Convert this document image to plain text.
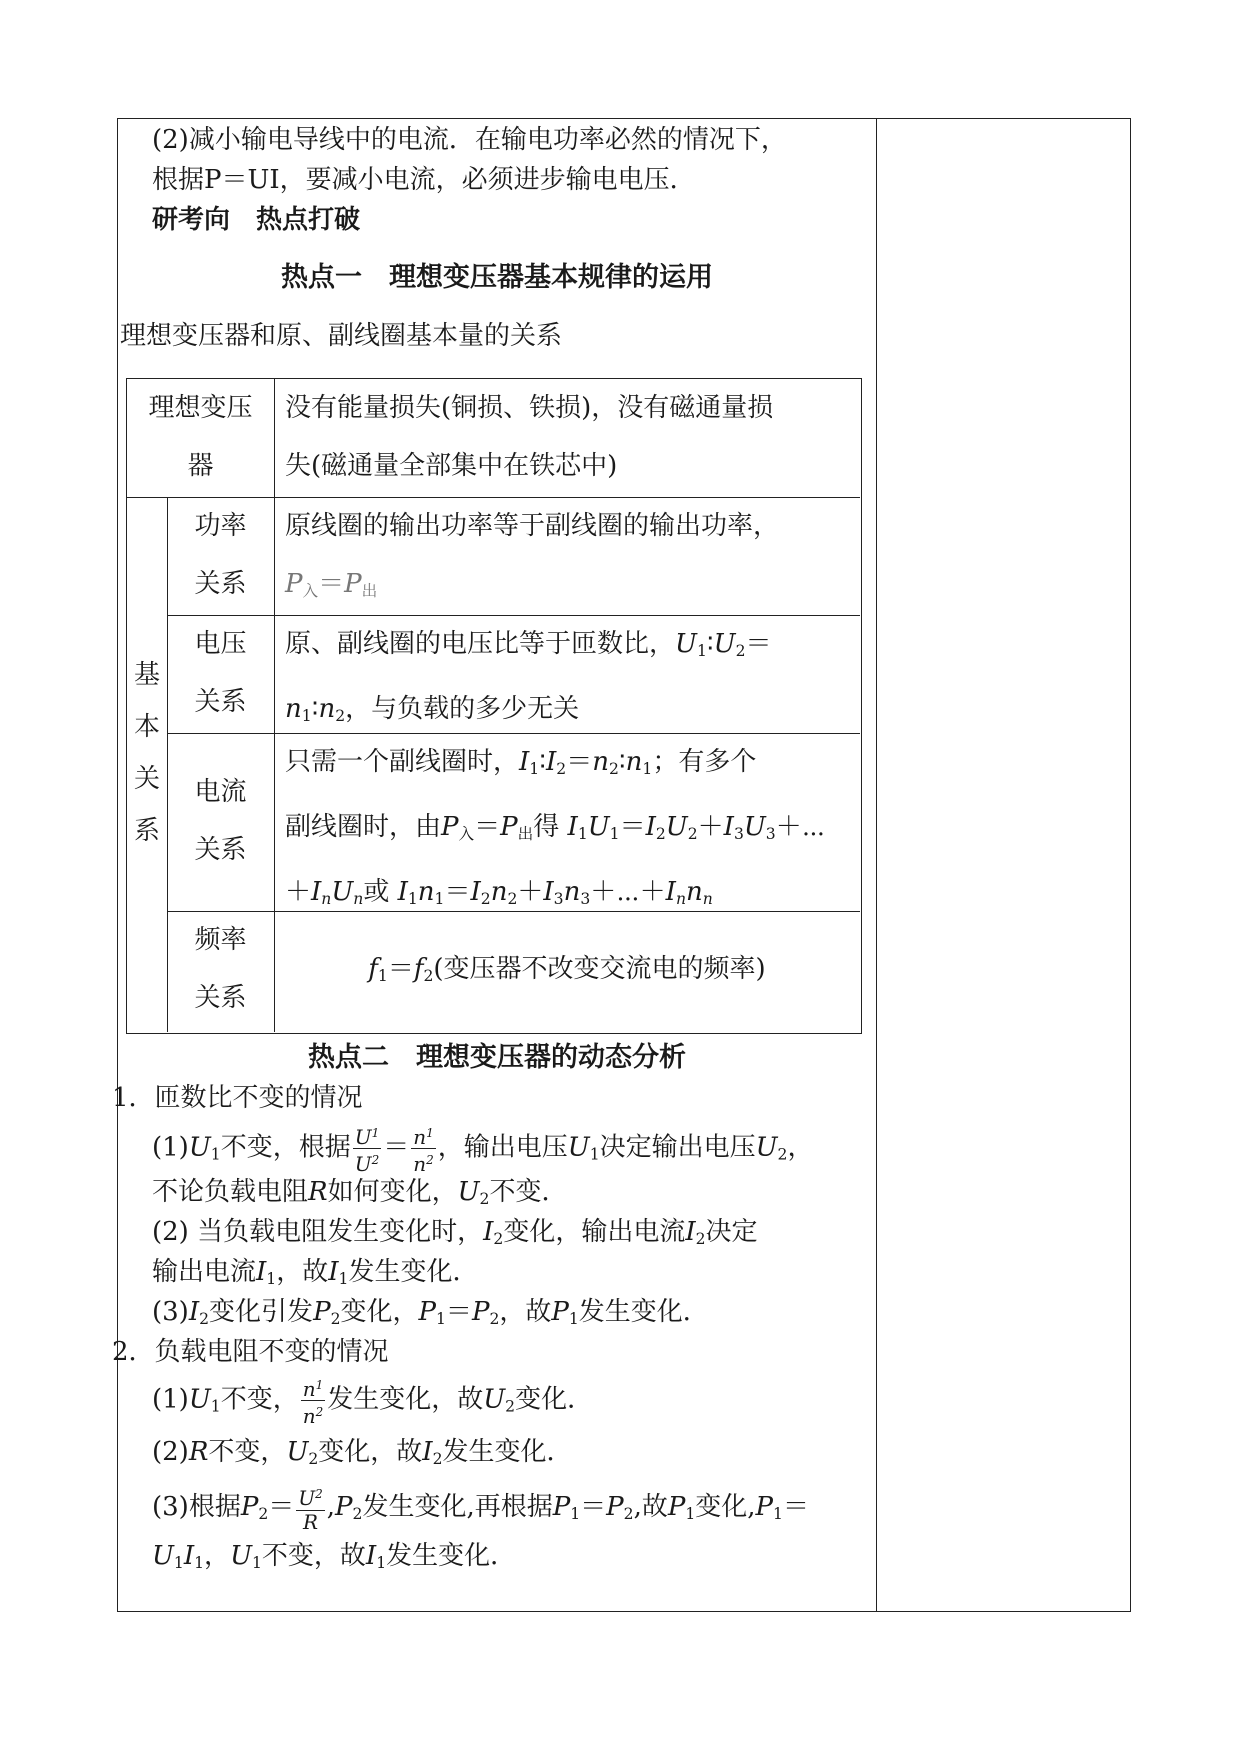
(2)减小输电导线中的电流．在输电功率必然的情况下，
根据P＝UI，要减小电流，必须进步输电电压．
研考向　热点打破
热点一　理想变压器基本规律的运用
理想变压器和原、副线圈基本量的关系
理想变压
器
没有能量损失(铜损、铁损)，没有磁通量损
失(磁通量全部集中在铁芯中)
基本关系
功率
关系
原线圈的输出功率等于副线圈的输出功率，
$P_入=P_出$
电压
关系
原、副线圈的电压比等于匝数比，$U_1∶U_2=$
$n_1∶n_2$，与负载的多少无关
电流
关系
只需一个副线圈时，$I_1∶I_2=n_2∶n_1$；有多个
副线圈时，由$P_入=P_出$得 $I_1U_1=I_2U_2+I_3U_3+\cdots$
$+I_nU_n$或 $I_1n_1=I_2n_2+I_3n_3+\cdots+I_nn_n$
频率
关系
$f_1=f_2$(变压器不改变交流电的频率)
热点二　理想变压器的动态分析
1．匝数比不变的情况
$(1)U_1$不变，根据 $\frac{U^1}{U^2} = \frac{n^1}{n^2}$ ，输出电压$U_1$决定输出电压$U_2$，
不论负载电阻R如何变化，$U_2$不变．
(2) 当负载电阻发生变化时，$I_2$变化，输出电流$I_2$决定
输出电流$I_1$，故$I_1$发生变化．
$(3)I_2$变化引发$P_2$变化，$P_1=P_2$，故$P_1$发生变化．
2．负载电阻不变的情况
$(1)U_1$不变， $\frac{n^1}{n^2}$ 发生变化，故$U_2$变化．
(2)R不变，$U_2$变化，故$I_2$发生变化．
(3)根据$P_2= \frac{U^2}{R} ,P_2$发生变化,再根据$P_1=P_2$,故$P_1$变化$,P_1=$
$U_1I_1$，$U_1$不变，故$I_1$发生变化．
